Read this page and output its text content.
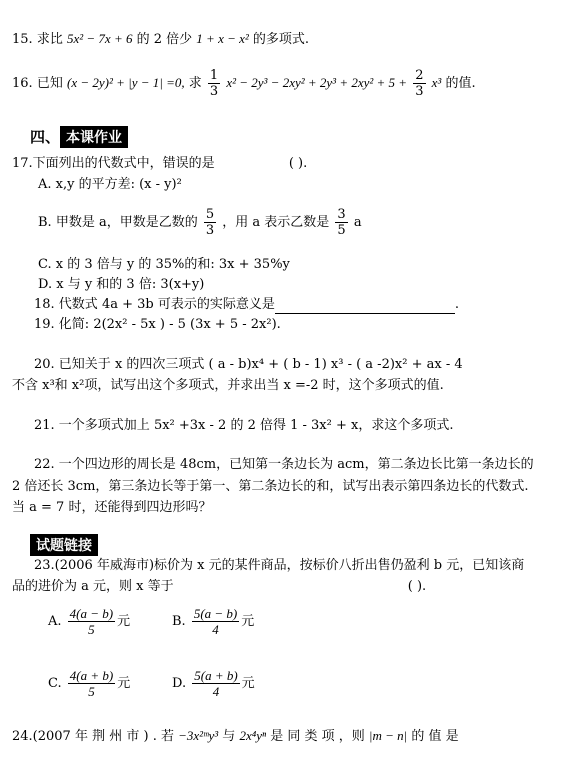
15. 求比 5x² − 7x + 6 的 2 倍少 1 + x − x² 的多项式.
16. 已知 (x − 2y)² + |y − 1| =0, 求 $\frac{1}{3} x^2 - 2y^3 - 2xy^2 + 2y^3 + 2xy^2 + 5 + \frac{2}{3} x^3$ 的值.
四、 本课作业
17.下面列出的代数式中，错误的是	( ).
A. x,y 的平方差: (x - y)²
B. 甲数是 a，甲数是乙数的 $\frac{5}{3}$ ，用 a 表示乙数是 $\frac{3}{5}$ a
C. x 的 3 倍与 y 的 35%的和: 3x + 35%y
D. x 与 y 和的 3 倍: 3(x+y)
18. 代数式 4a + 3b 可表示的实际意义是	.
19. 化简: 2(2x² - 5x ) - 5 (3x + 5 - 2x²).
20. 已知关于 x 的四次三项式 ( a - b)x⁴ + ( b - 1) x³ - ( a -2)x² + ax - 4
不含 x³和 x²项，试写出这个多项式，并求出当 x =-2 时，这个多项式的值.
21. 一个多项式加上 5x² +3x - 2 的 2 倍得 1 - 3x² + x，求这个多项式.
22. 一个四边形的周长是 48cm，已知第一条边长为 acm，第二条边长比第一条边长的
2 倍还长 3cm，第三条边长等于第一、第二条边长的和，试写出表示第四条边长的代数式.
当 a = 7 时，还能得到四边形吗？
试题链接
23.(2006 年威海市)标价为 x 元的某件商品，按标价八折出售仍盈利 b 元，已知该商
品的进价为 a 元，则 x 等于	( ).
A. $\frac{4(a - b)}{5}$ 元	B. $\frac{5(a - b)}{4}$ 元
C. $\frac{4(a + b)}{5}$ 元	D. $\frac{5(a + b)}{4}$ 元
24.(2007 年 荆 州 市 ) . 若 −3x²ᵐy³ 与 2x⁴yⁿ 是 同 类 项 ，则 |m − n| 的 值 是
